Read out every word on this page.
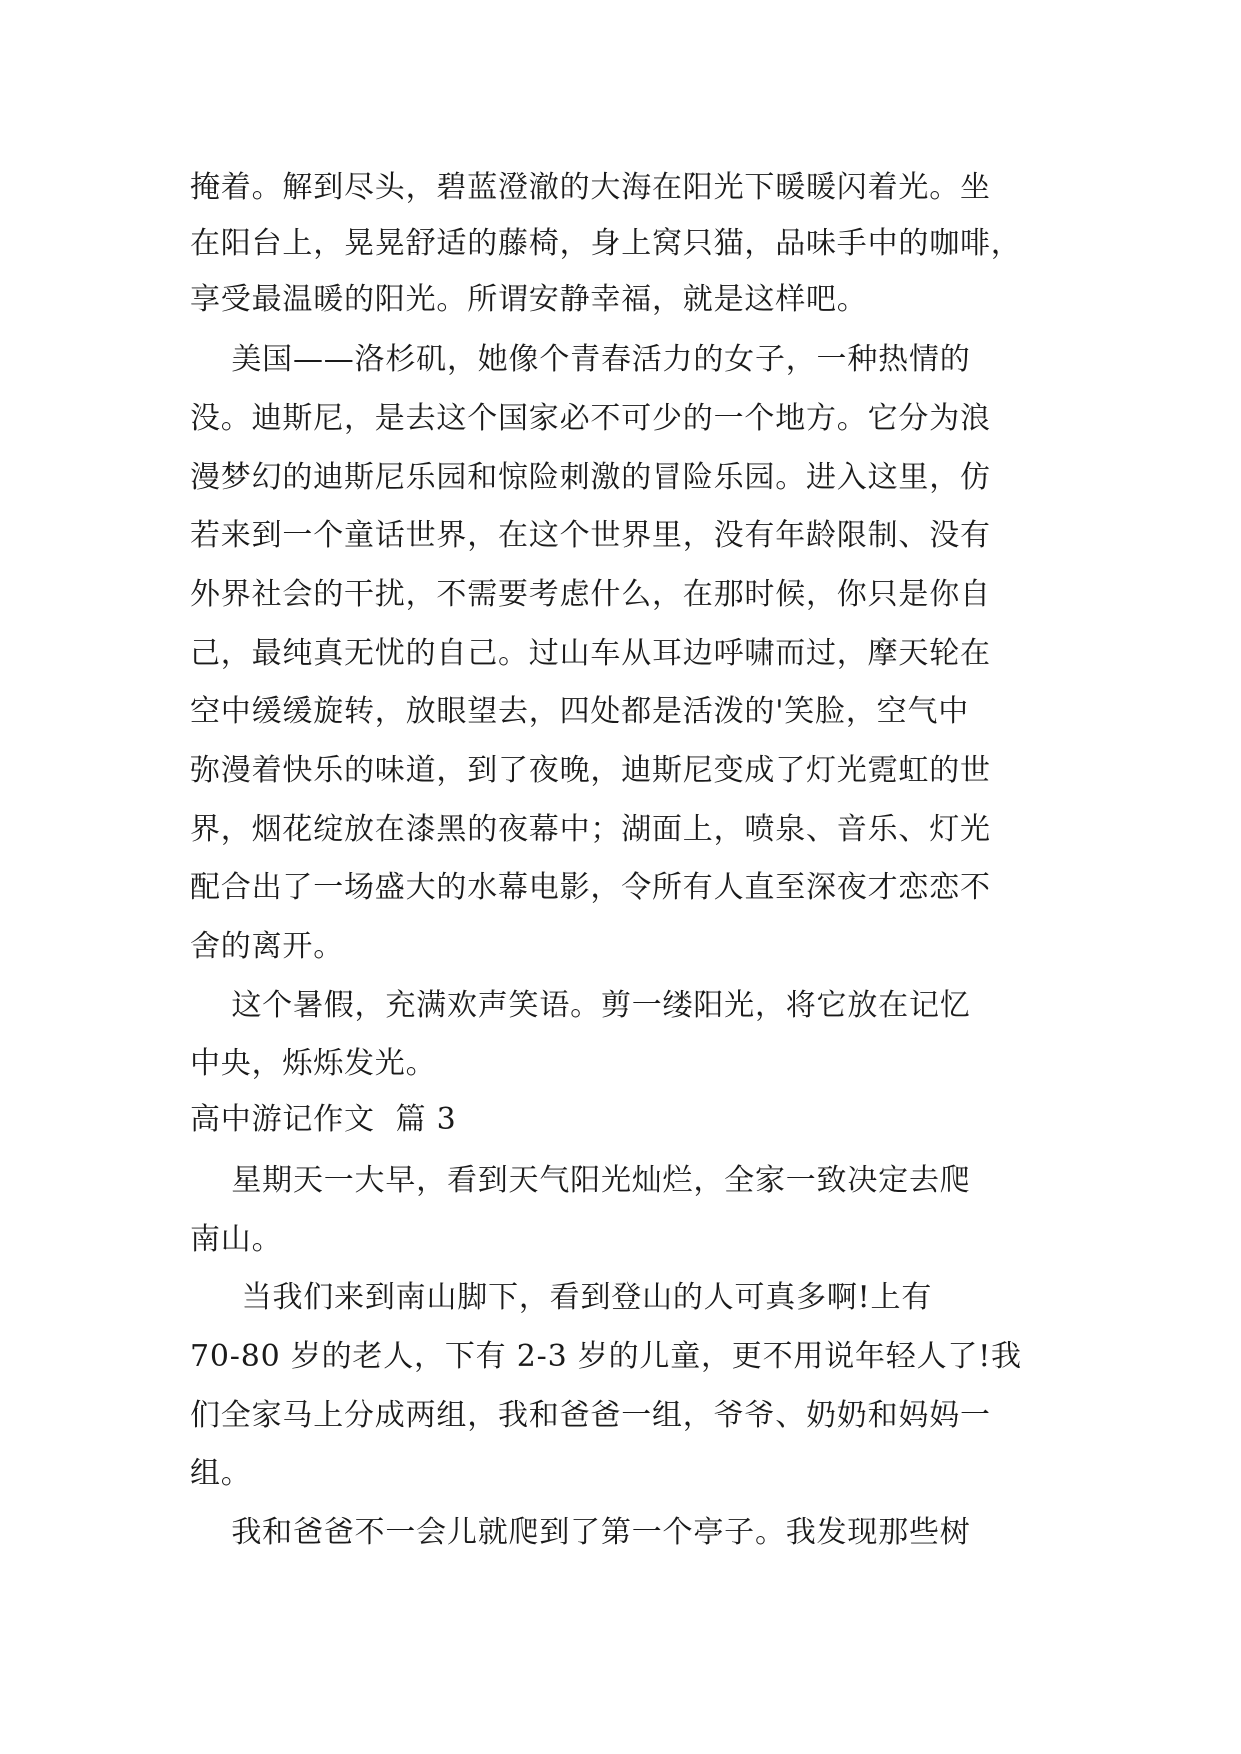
掩着。解到尽头，碧蓝澄澈的大海在阳光下暖暖闪着光。坐
在阳台上，晃晃舒适的藤椅，身上窝只猫，品味手中的咖啡，
享受最温暖的阳光。所谓安静幸福，就是这样吧。
美国——洛杉矶，她像个青春活力的女子，一种热情的
没。迪斯尼，是去这个国家必不可少的一个地方。它分为浪
漫梦幻的迪斯尼乐园和惊险刺激的冒险乐园。进入这里，仿
若来到一个童话世界，在这个世界里，没有年龄限制、没有
外界社会的干扰，不需要考虑什么，在那时候，你只是你自
己，最纯真无忧的自己。过山车从耳边呼啸而过，摩天轮在
空中缓缓旋转，放眼望去，四处都是活泼的'笑脸，空气中
弥漫着快乐的味道，到了夜晚，迪斯尼变成了灯光霓虹的世
界，烟花绽放在漆黑的夜幕中；湖面上，喷泉、音乐、灯光
配合出了一场盛大的水幕电影，令所有人直至深夜才恋恋不
舍的离开。
这个暑假，充满欢声笑语。剪一缕阳光，将它放在记忆
中央，烁烁发光。
高中游记作文  篇 3
星期天一大早，看到天气阳光灿烂，全家一致决定去爬
南山。
当我们来到南山脚下，看到登山的人可真多啊!上有
70-80 岁的老人，下有 2-3 岁的儿童，更不用说年轻人了!我
们全家马上分成两组，我和爸爸一组，爷爷、奶奶和妈妈一
组。
我和爸爸不一会儿就爬到了第一个亭子。我发现那些树
